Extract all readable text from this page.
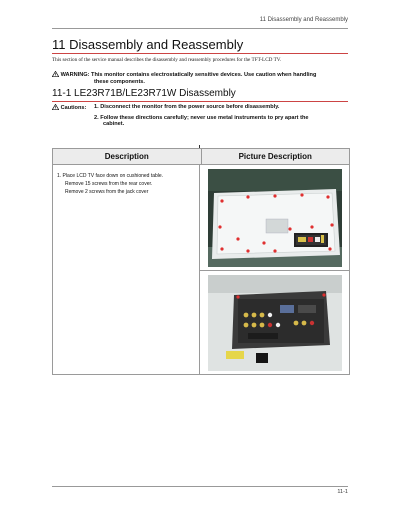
11 Disassembly and Reassembly
11 Disassembly and Reassembly
This section of the service manual describes the disassembly and reassembly procedures for the TFT-LCD TV.
WARNING: This monitor contains electrostatically sensitive devices. Use caution when handling
these components.
11-1 LE23R71B/LE23R71W Disassembly
Cautions:	1. Disconnect the monitor from the power source before disassembly.
2. Follow these directions carefully; never use metal instruments to pry apart the
cabinet.
Description	Picture Description
1. Place LCD TV face down on cushioned table.
Remove 15 screws from the rear cover.
Remove 2 screws from the jack cover
11-1
